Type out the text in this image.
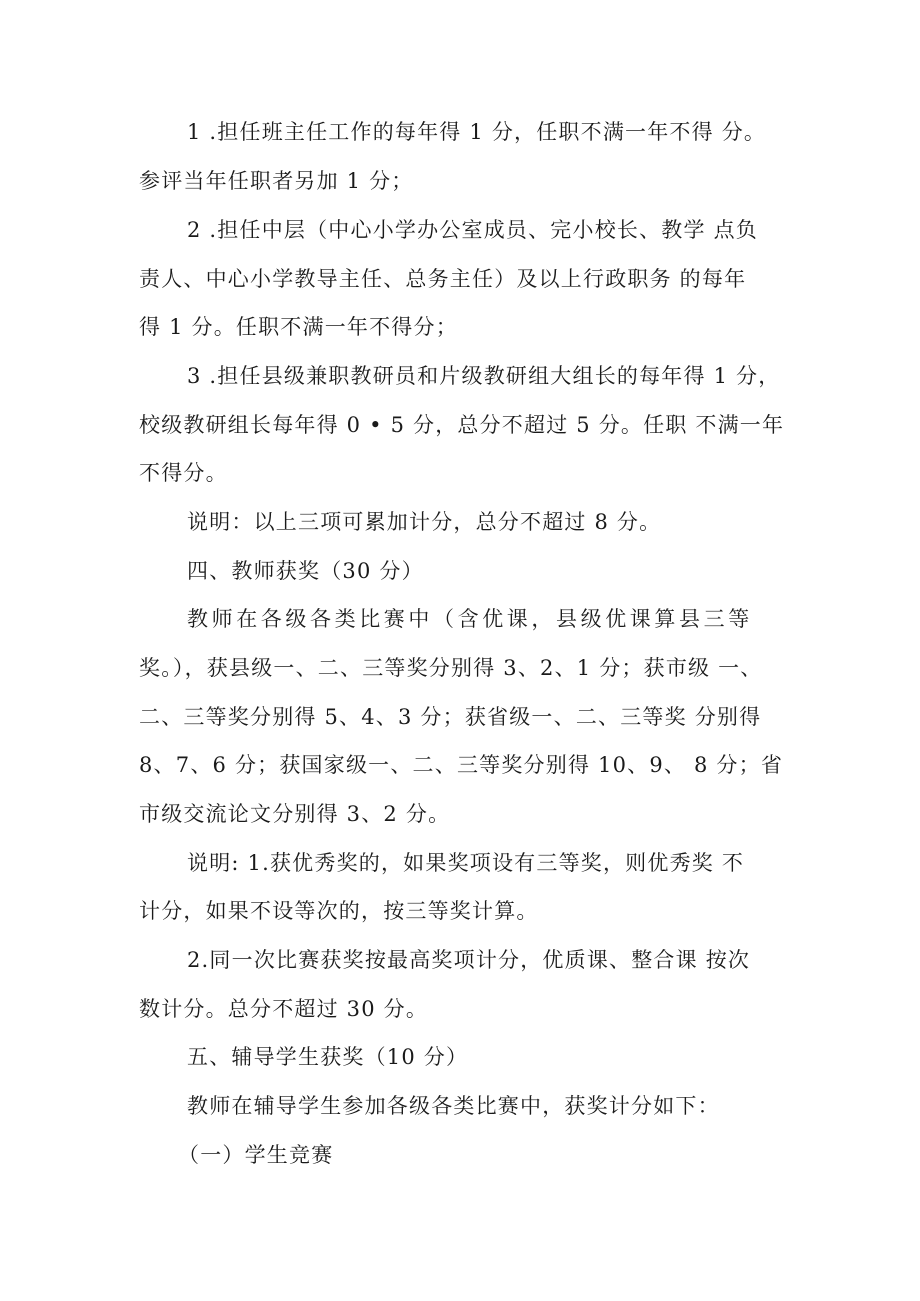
1 .担任班主任工作的每年得 1 分，任职不满一年不得 分。
参评当年任职者另加 1 分；
2 .担任中层（中心小学办公室成员、完小校长、教学 点负
责人、中心小学教导主任、总务主任）及以上行政职务 的每年
得 1 分。任职不满一年不得分；
3 .担任县级兼职教研员和片级教研组大组长的每年得 1 分，
校级教研组长每年得 0 • 5 分，总分不超过 5 分。任职 不满一年
不得分。
说明：以上三项可累加计分，总分不超过 8 分。
四、教师获奖（30 分）
教师在各级各类比赛中（含优课，县级优课算县三等
奖。），获县级一、二、三等奖分别得 3、2、1 分；获市级 一、
二、三等奖分别得 5、4、3 分；获省级一、二、三等奖 分别得
8、7、6 分；获国家级一、二、三等奖分别得 10、9、 8 分；省
市级交流论文分别得 3、2 分。
说明: 1.获优秀奖的，如果奖项设有三等奖，则优秀奖 不
计分，如果不设等次的，按三等奖计算。
2.同一次比赛获奖按最高奖项计分，优质课、整合课 按次
数计分。总分不超过 30 分。
五、辅导学生获奖（10 分）
教师在辅导学生参加各级各类比赛中，获奖计分如下：
（一）学生竞赛
